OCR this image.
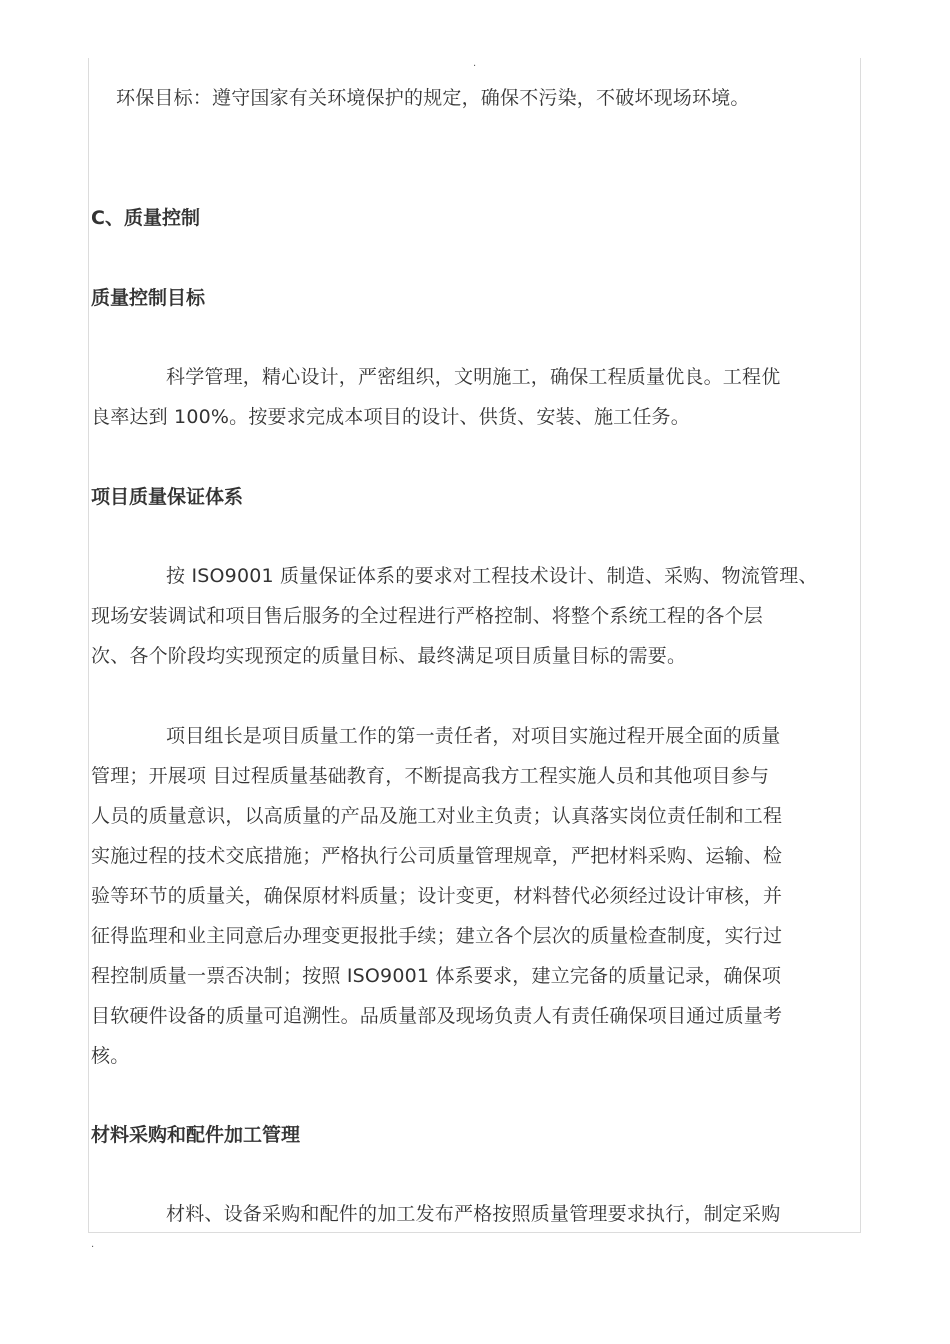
.
环保目标：遵守国家有关环境保护的规定，确保不污染，不破坏现场环境。
C、质量控制
质量控制目标
科学管理，精心设计，严密组织，文明施工，确保工程质量优良。工程优
良率达到 100%。按要求完成本项目的设计、供货、安装、施工任务。
项目质量保证体系
按 ISO9001 质量保证体系的要求对工程技术设计、制造、采购、物流管理、
现场安装调试和项目售后服务的全过程进行严格控制、将整个系统工程的各个层
次、各个阶段均实现预定的质量目标、最终满足项目质量目标的需要。
项目组长是项目质量工作的第一责任者，对项目实施过程开展全面的质量
管理；开展项 目过程质量基础教育，不断提高我方工程实施人员和其他项目参与
人员的质量意识，以高质量的产品及施工对业主负责；认真落实岗位责任制和工程
实施过程的技术交底措施；严格执行公司质量管理规章，严把材料采购、运输、检
验等环节的质量关，确保原材料质量；设计变更，材料替代必须经过设计审核，并
征得监理和业主同意后办理变更报批手续；建立各个层次的质量检查制度，实行过
程控制质量一票否决制；按照 ISO9001 体系要求，建立完备的质量记录，确保项
目软硬件设备的质量可追溯性。品质量部及现场负责人有责任确保项目通过质量考
核。
材料采购和配件加工管理
材料、设备采购和配件的加工发布严格按照质量管理要求执行，制定采购
.
